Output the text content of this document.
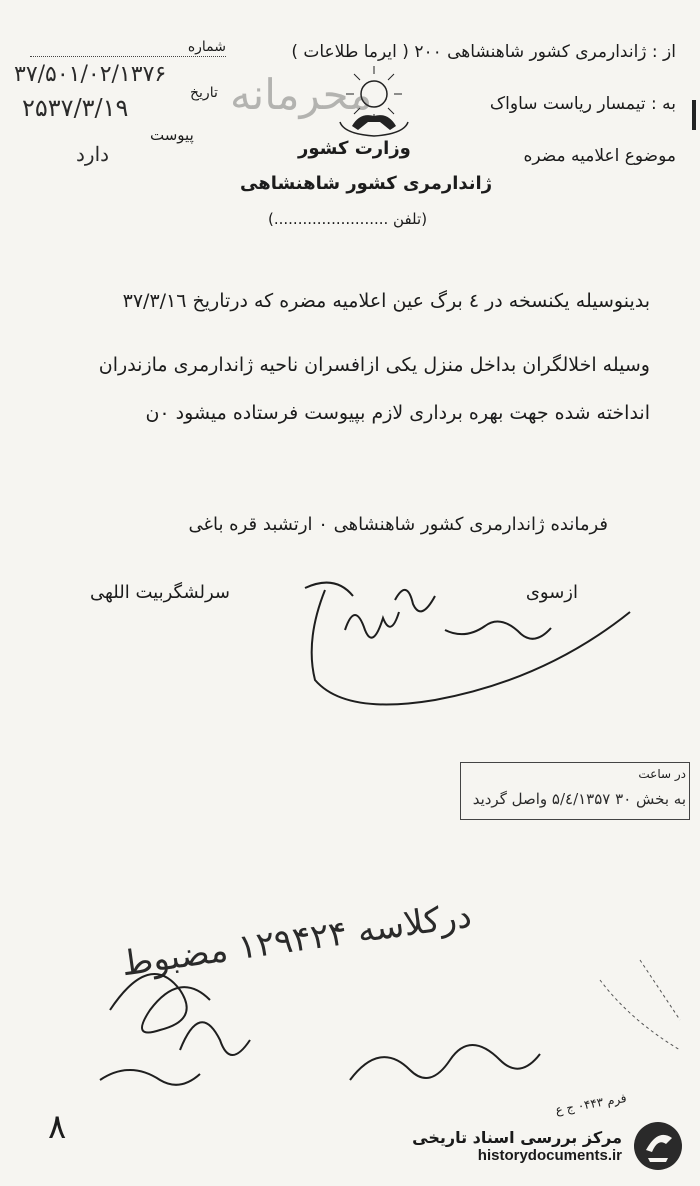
از : ژاندارمری کشور شاهنشاهی ۲۰۰ ( ایرما طلاعات )
به : تیمسار ریاست ساواک
موضوع اعلامیه مضره
شماره
۳۷/۵۰۱/۰۲/۱۳۷۶
تاریخ
۲۵۳۷/۳/۱۹
پیوست
دارد
محرمانه
وزارت کشور
ژاندارمری کشور شاهنشاهی
(تلفن ........................)
بدینوسیله یکنسخه در ٤ برگ عین اعلامیه مضره که درتاریخ ۳۷/۳/۱٦
وسیله اخلالگران بداخل منزل یکی ازافسران ناحیه ژاندارمری مازندران
انداخته شده جهت بهره برداری لازم بپیوست فرستاده میشود ۰ن
فرمانده ژاندارمری کشور شاهنشاهی ۰ ارتشبد قره باغی
ازسوی
سرلشگربیت اللهی
در ساعت
به بخش ۳۰ ۵/٤/۱۳۵۷ واصل گردید
درکلاسه ۱۲۹۴۲۴ مضبوط
فرم ۰۴۴۳ ج ع
۸	مرکز بررسی اسناد تاریخی
historydocuments.ir
